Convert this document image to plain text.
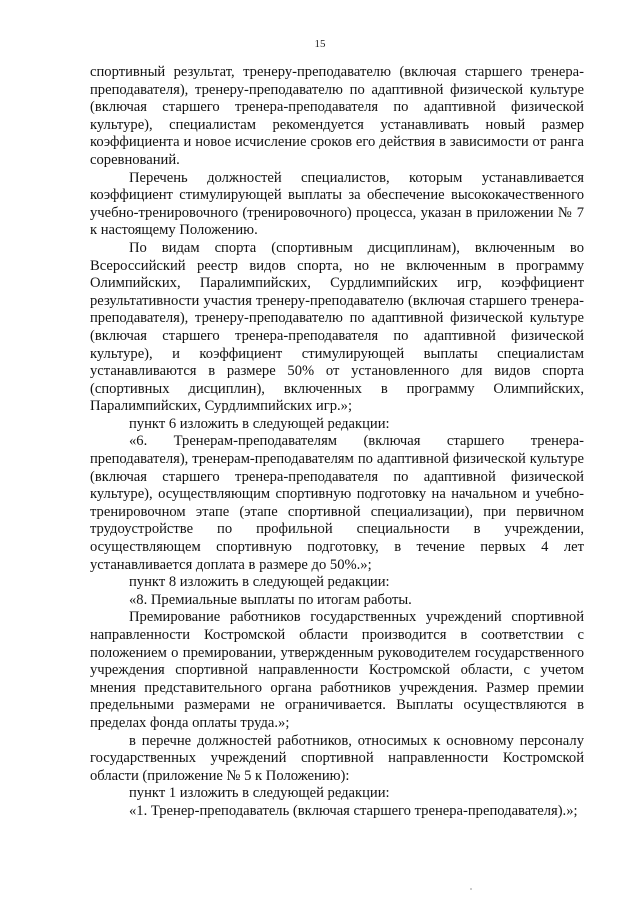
15

спортивный результат, тренеру-преподавателю (включая старшего тренера-преподавателя), тренеру-преподавателю по адаптивной физической культуре (включая старшего тренера-преподавателя по адаптивной физической культуре), специалистам рекомендуется устанавливать новый размер коэффициента и новое исчисление сроков его действия в зависимости от ранга соревнований.

Перечень должностей специалистов, которым устанавливается коэффициент стимулирующей выплаты за обеспечение высококачественного учебно-тренировочного (тренировочного) процесса, указан в приложении № 7 к настоящему Положению.

По видам спорта (спортивным дисциплинам), включенным во Всероссийский реестр видов спорта, но не включенным в программу Олимпийских, Паралимпийских, Сурдлимпийских игр, коэффициент результативности участия тренеру-преподавателю (включая старшего тренера-преподавателя), тренеру-преподавателю по адаптивной физической культуре (включая старшего тренера-преподавателя по адаптивной физической культуре), и коэффициент стимулирующей выплаты специалистам устанавливаются в размере 50% от установленного для видов спорта (спортивных дисциплин), включенных в программу Олимпийских, Паралимпийских, Сурдлимпийских игр.»;

пункт 6 изложить в следующей редакции:

«6. Тренерам-преподавателям (включая старшего тренера-преподавателя), тренерам-преподавателям по адаптивной физической культуре (включая старшего тренера-преподавателя по адаптивной физической культуре), осуществляющим спортивную подготовку на начальном и учебно-тренировочном этапе (этапе спортивной специализации), при первичном трудоустройстве по профильной специальности в учреждении, осуществляющем спортивную подготовку, в течение первых 4 лет устанавливается доплата в размере до 50%.»;

пункт 8 изложить в следующей редакции:

«8. Премиальные выплаты по итогам работы.

Премирование работников государственных учреждений спортивной направленности Костромской области производится в соответствии с положением о премировании, утвержденным руководителем государственного учреждения спортивной направленности Костромской области, с учетом мнения представительного органа работников учреждения. Размер премии предельными размерами не ограничивается. Выплаты осуществляются в пределах фонда оплаты труда.»;

в перечне должностей работников, относимых к основному персоналу государственных учреждений спортивной направленности Костромской области (приложение № 5 к Положению):

пункт 1 изложить в следующей редакции:

«1. Тренер-преподаватель (включая старшего тренера-преподавателя).»;
